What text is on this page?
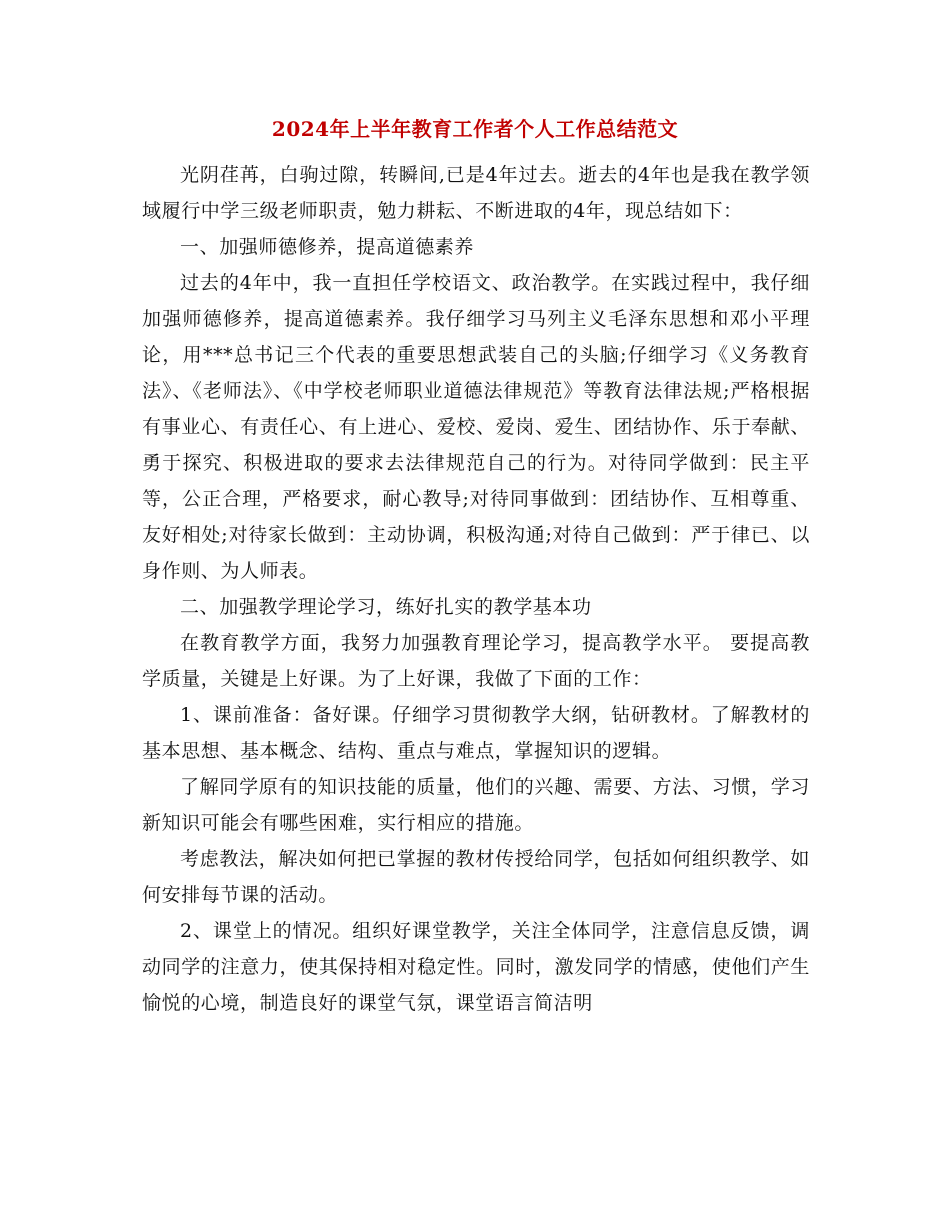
2024年上半年教育工作者个人工作总结范文

光阴荏苒，白驹过隙，转瞬间,已是4年过去。逝去的4年也是我在教学领域履行中学三级老师职责，勉力耕耘、不断进取的4年，现总结如下：

一、加强师德修养，提高道德素养

过去的4年中，我一直担任学校语文、政治教学。在实践过程中，我仔细加强师德修养，提高道德素养。我仔细学习马列主义毛泽东思想和邓小平理论，用***总书记三个代表的重要思想武装自己的头脑;仔细学习《义务教育法》、《老师法》、《中学校老师职业道德法律规范》等教育法律法规;严格根据有事业心、有责任心、有上进心、爱校、爱岗、爱生、团结协作、乐于奉献、勇于探究、积极进取的要求去法律规范自己的行为。对待同学做到：民主平等，公正合理，严格要求，耐心教导;对待同事做到：团结协作、互相尊重、友好相处;对待家长做到：主动协调，积极沟通;对待自己做到：严于律已、以身作则、为人师表。

二、加强教学理论学习，练好扎实的教学基本功

在教育教学方面，我努力加强教育理论学习，提高教学水平。 要提高教学质量，关键是上好课。为了上好课，我做了下面的工作：

1、课前准备：备好课。仔细学习贯彻教学大纲，钻研教材。了解教材的基本思想、基本概念、结构、重点与难点，掌握知识的逻辑。

了解同学原有的知识技能的质量，他们的兴趣、需要、方法、习惯，学习新知识可能会有哪些困难，实行相应的措施。

考虑教法，解决如何把已掌握的教材传授给同学，包括如何组织教学、如何安排每节课的活动。

2、课堂上的情况。组织好课堂教学，关注全体同学，注意信息反馈，调动同学的注意力，使其保持相对稳定性。同时，激发同学的情感，使他们产生愉悦的心境，制造良好的课堂气氛，课堂语言简洁明
